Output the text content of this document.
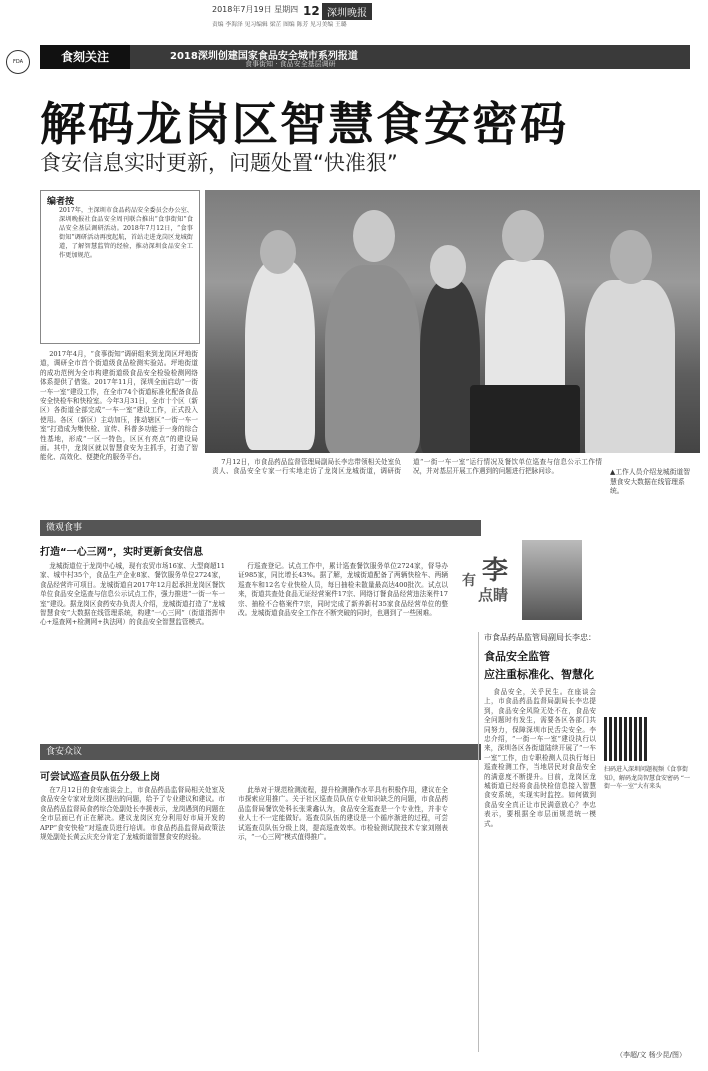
2018年7月19日 星期四 12 深圳晚报
责编 李海泽 见习编辑 梁芷 图编 陈芳 见习美编 王璐
FDA	食刻关注	2018深圳创建国家食品安全城市系列报道
食事街知 · 食品安全基层调研
解码龙岗区智慧食安密码
食安信息实时更新，问题处置“快准狠”
编者按
2017年，主深圳市食品药品安全委员会办公室、深圳晚报社食品安全周刊联合推出“食事街知”食品安全基层调研活动。2018年7月12日，“食事街知”调研活动再度起航，首站走进龙岗区龙城街道，了解智慧监管的经验，推动深圳食品安全工作更加规范。
▲工作人员介绍龙城街道智慧食安大数据在线管理系统。

2017年4月，“食事街知”调研组来到龙岗区坪地街道，调研全市首个街道级食品检测实验站。坪地街道的成功范例为全市构建街道级食品安全检验检测网络体系提供了借鉴。2017年11月，深圳全面启动“一街一车一室”建设工作，在全市74个街道标准化配备食品安全快检车和快检室。今年3月31日，全市十个区（新区）各街道全部完成“一车一室”建设工作，正式投入使用。各区（新区）主动加压，推动辖区“一街一车一室”打造成为集快检、宣传、科普多功能于一身的综合性基地，形成“一区一特色，区区有亮点”的建设局面。其中，龙岗区就以智慧食安为主抓手，打造了智能化、高效化、便捷化的服务平台。

7月12日，市食品药品监督管理局副局长李忠带领相关处室负责人、食品安全专家一行实地走访了龙岗区龙城街道，调研街道“一街一车一室”运行情况及餐饮单位巡查与信息公示工作情况，并对基层开展工作遇到的问题进行把脉问诊。

微观食事
打造“一心三网”，实时更新食安信息

龙城街道位于龙岗中心城，现有农贸市场16家、大型商超11家、城中村35个，食品生产企业8家、餐饮服务单位2724家，食品经营许可项目。龙城街道自2017年12月起承担龙岗区餐饮单位食品安全巡查与信息公示试点工作，强力推进“一街一车一室”建设。据龙岗区食药安办负责人介绍，龙城街道打造了“龙城智慧食安”大数据在线管理系统，构建“一心三网”（街道指挥中心+巡查网+检测网+执法网）的食品安全智慧监管模式。

行巡查登记。试点工作中，累计巡查餐饮服务单位2724家，督导办证985家，同比增长43%。据了解，龙城街道配备了两辆快检车、两辆巡查车和12名专业快检人员，每日抽检未散量最高达400批次。试点以来，街道共查处食品无证经营案件17宗、网络订餐食品经营违法案件17宗、抽检不合格案件7宗，同时完成了新养新村35家食品经营单位的整改。龙城街道食品安全工作在不断突破的同时，也遇到了一些困难。

有 李
点睛
市食品药品监管局副局长李忠：
食品安全监管
应注重标准化、智慧化

食品安全，关乎民生。在座谈会上，市食品药品监督局副局长李忠提到，食品安全风险无处不在，食品安全问题时有发生，需要各区各部门共同努力，保障深圳市民舌尖安全。李忠介绍，“一街一车一室”建设执行以来，深圳各区各街道陆续开展了“一车一室”工作，由专职检测人员执行每日巡查检测工作，当地居民对食品安全的满意度不断提升。目前，龙岗区龙城街道已经将食品快检信息接入智慧食安系统，实现实时监控。如何做到食品安全真正让市民满意放心？李忠表示，要根据全市层面规范统一模式。

扫码进入深圳问题视频《食事街知》，解码龙岗智慧食安密码 “一街一车一室”大有来头
（李超/文 杨少昆/图）
食安众议
可尝试巡查员队伍分级上岗

在7月12日的食安座谈会上，市食品药品监督局相关处室及食品安全专家对龙岗区提出的问题，给予了专业建议和建议。市食品药品监督局食药综合处副处长李援表示，龙岗遇到的问题在全市层面已有正在解决。建议龙岗区充分利用好市局开发的APP“食安快检”对巡查员进行培训。市食品药品监督局政策法规处副处长黄云庆充分肯定了龙城街道智慧食安的经验。

此举对于规范检测流程，提升检测操作水平具有积极作用，建议在全市探索应用推广。关于社区巡查员队伍专业知识缺乏的问题，市食品药品监督局餐饮处科长张秉鑫认为，食品安全巡查是一个专业性，并非专业人士不一定能做好。巡查员队伍的建设是一个循序渐进的过程，可尝试巡查员队伍分级上岗，提高巡查效率。市检验测试院技术专家刘刚表示，“一心三网”模式值得推广。
